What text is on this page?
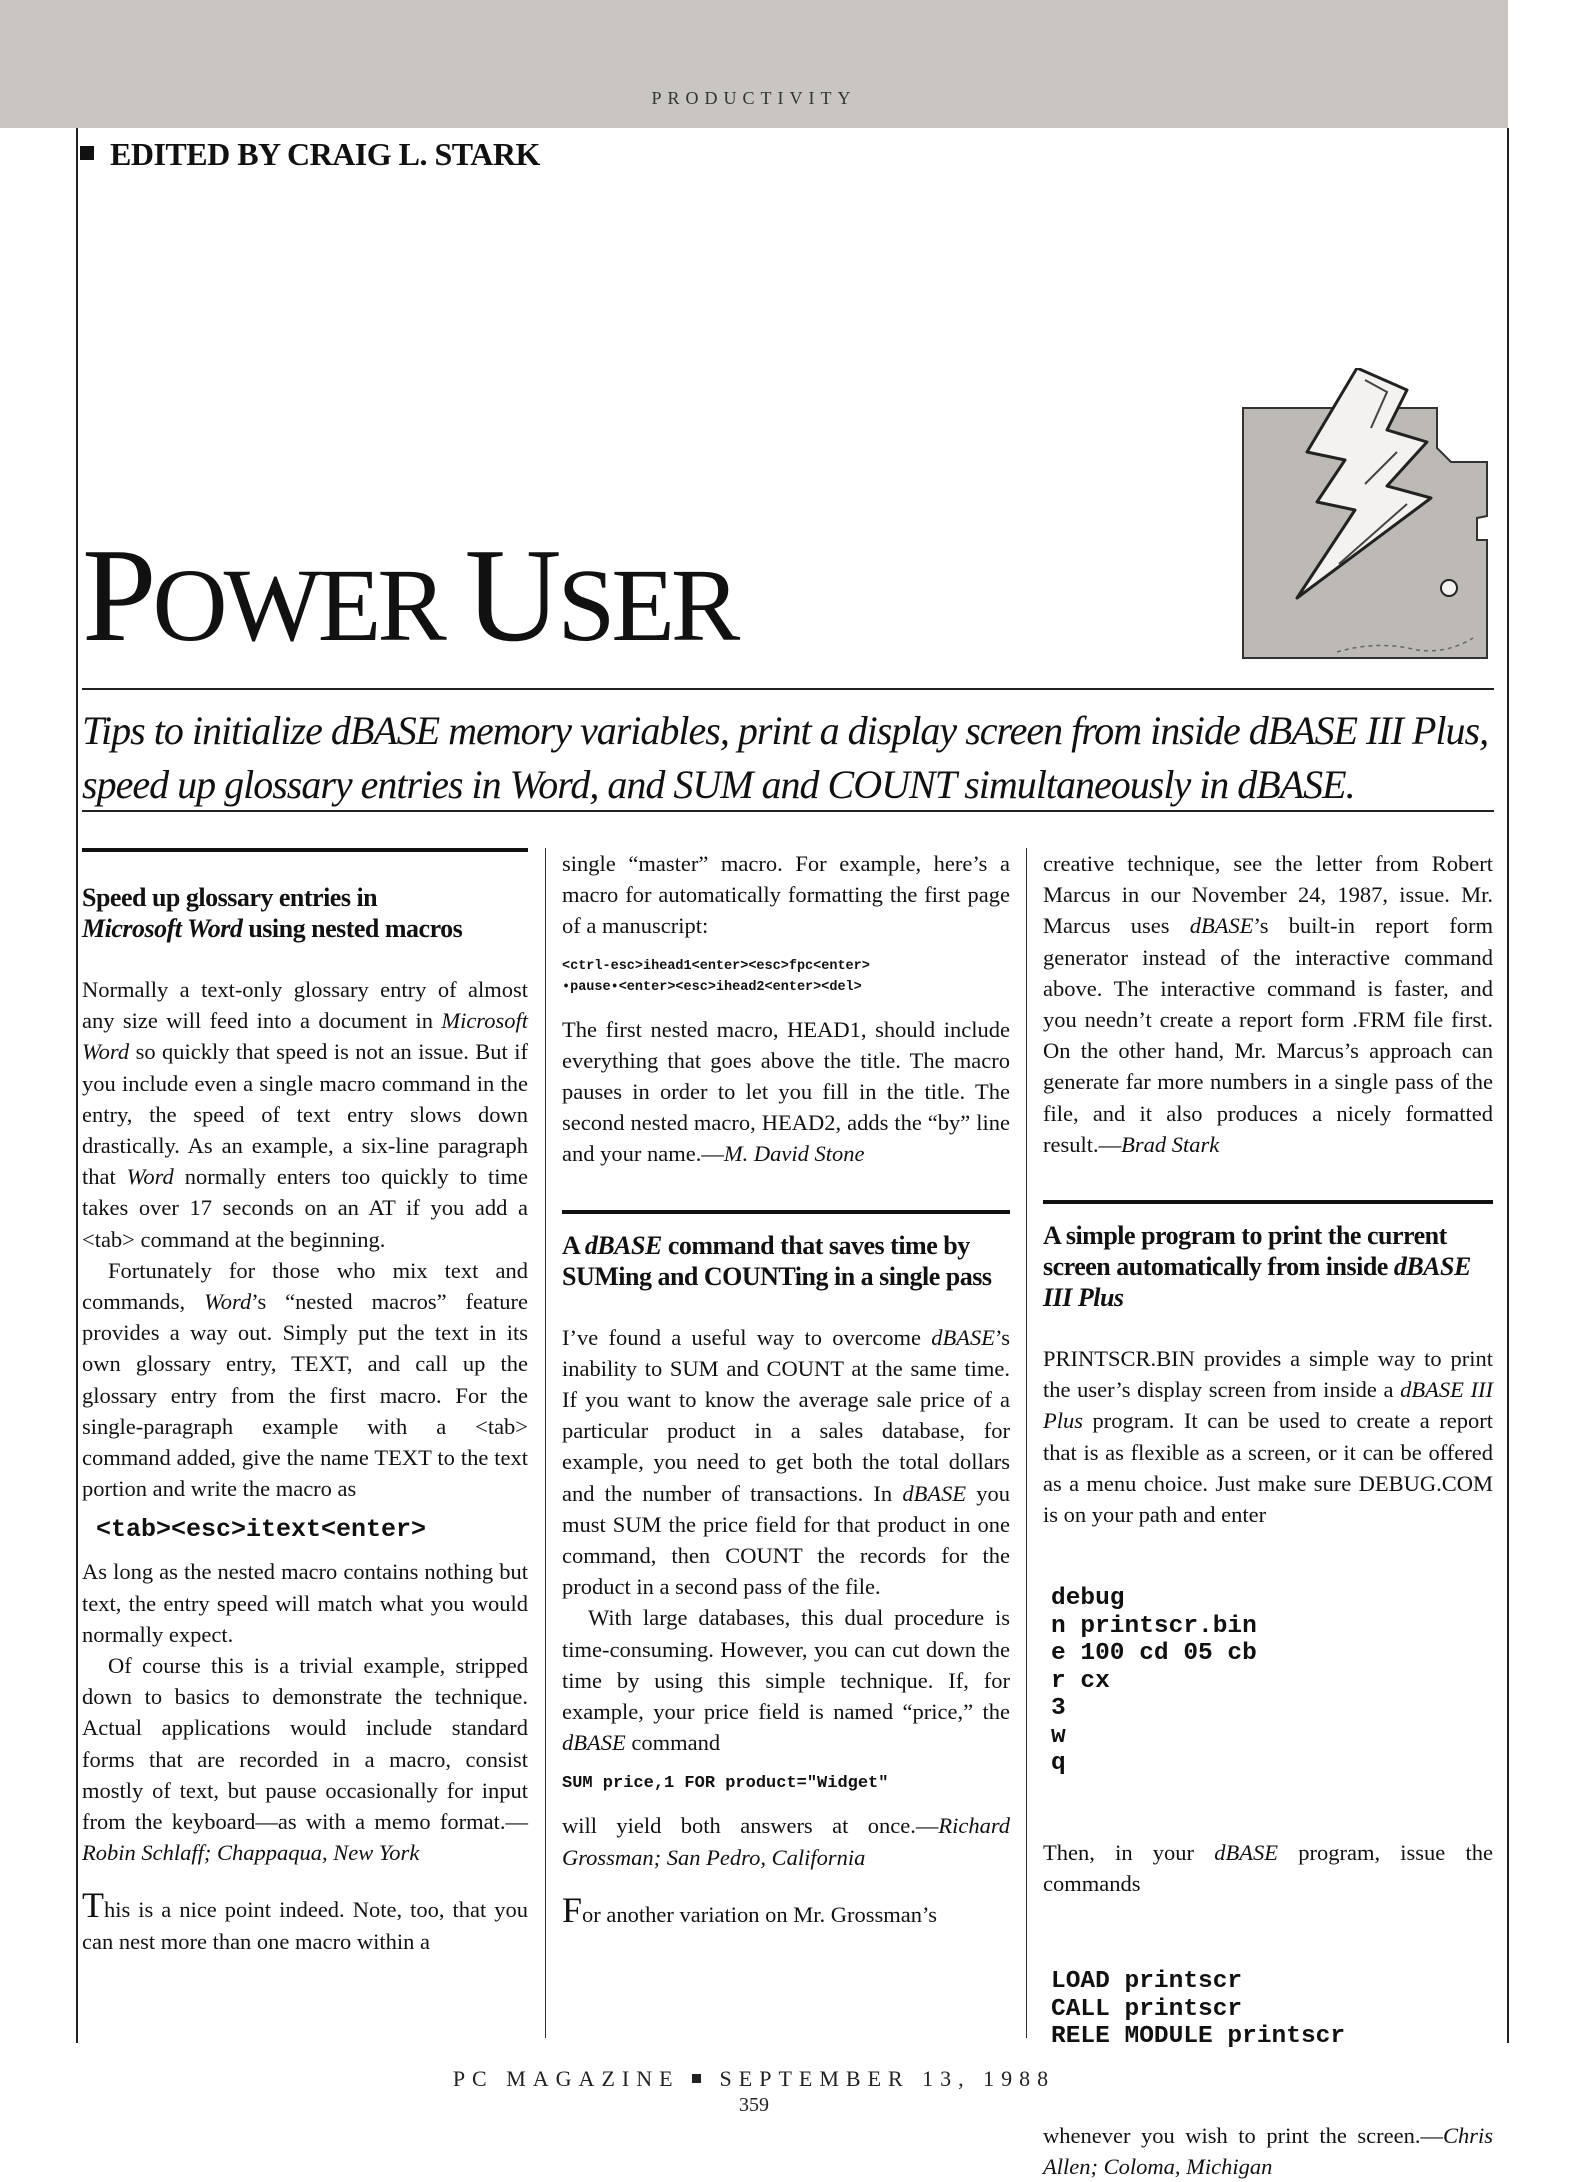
PRODUCTIVITY
EDITED BY CRAIG L. STARK
POWER USER
Tips to initialize dBASE memory variables, print a display screen from inside dBASE III Plus,
speed up glossary entries in Word, and SUM and COUNT simultaneously in dBASE.
Speed up glossary entries in
Microsoft Word using nested macros

Normally a text-only glossary entry of almost any size will feed into a document in Microsoft Word so quickly that speed is not an issue. But if you include even a single macro command in the entry, the speed of text entry slows down drastically. As an example, a six-line paragraph that Word normally enters too quickly to time takes over 17 seconds on an AT if you add a <tab> command at the beginning.

Fortunately for those who mix text and commands, Word’s “nested macros” feature provides a way out. Simply put the text in its own glossary entry, TEXT, and call up the glossary entry from the first macro. For the single-paragraph example with a <tab> command added, give the name TEXT to the text portion and write the macro as

<tab><esc>itext<enter>

As long as the nested macro contains nothing but text, the entry speed will match what you would normally expect.

Of course this is a trivial example, stripped down to basics to demonstrate the technique. Actual applications would include standard forms that are recorded in a macro, consist mostly of text, but pause occasionally for input from the keyboard—as with a memo format.—Robin Schlaff; Chappaqua, New York

This is a nice point indeed. Note, too, that you can nest more than one macro within a

single “master” macro. For example, here’s a macro for automatically formatting the first page of a manuscript:

<ctrl-esc>ihead1<enter><esc>fpc<enter>
•pause•<enter><esc>ihead2<enter><del>

The first nested macro, HEAD1, should include everything that goes above the title. The macro pauses in order to let you fill in the title. The second nested macro, HEAD2, adds the “by” line and your name.—M. David Stone

A dBASE command that saves time by SUMing and COUNTing in a single pass

I’ve found a useful way to overcome dBASE’s inability to SUM and COUNT at the same time. If you want to know the average sale price of a particular product in a sales database, for example, you need to get both the total dollars and the number of transactions. In dBASE you must SUM the price field for that product in one command, then COUNT the records for the product in a second pass of the file.

With large databases, this dual procedure is time-consuming. However, you can cut down the time by using this simple technique. If, for example, your price field is named “price,” the dBASE command

SUM price,1 FOR product="Widget"

will yield both answers at once.—Richard Grossman; San Pedro, California

For another variation on Mr. Grossman’s

creative technique, see the letter from Robert Marcus in our November 24, 1987, issue. Mr. Marcus uses dBASE’s built-in report form generator instead of the interactive command above. The interactive command is faster, and you needn’t create a report form .FRM file first. On the other hand, Mr. Marcus’s approach can generate far more numbers in a single pass of the file, and it also produces a nicely formatted result.—Brad Stark

A simple program to print the current screen automatically from inside dBASE III Plus

PRINTSCR.BIN provides a simple way to print the user’s display screen from inside a dBASE III Plus program. It can be used to create a report that is as flexible as a screen, or it can be offered as a menu choice. Just make sure DEBUG.COM is on your path and enter

debug
n printscr.bin
e 100 cd 05 cb
r cx
3
w
q

Then, in your dBASE program, issue the commands

LOAD printscr
CALL printscr
RELE MODULE printscr

whenever you wish to print the screen.—Chris Allen; Coloma, Michigan

PC MAGAZINE SEPTEMBER 13, 1988
359
